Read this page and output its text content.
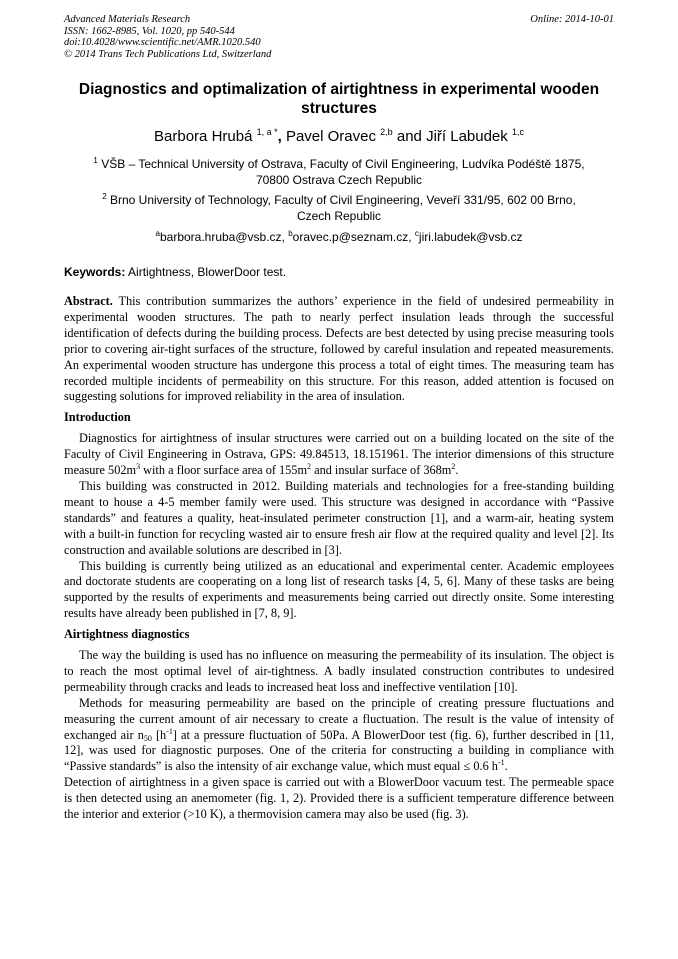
Advanced Materials Research
ISSN: 1662-8985, Vol. 1020, pp 540-544
doi:10.4028/www.scientific.net/AMR.1020.540
© 2014 Trans Tech Publications Ltd, Switzerland
Online: 2014-10-01
Diagnostics and optimalization of airtightness in experimental wooden structures
Barbora Hrubá $^{1, a *}$, Pavel Oravec $^{2,b}$ and Jiří Labudek $^{1,c}$
$^1$ VŠB – Technical University of Ostrava, Faculty of Civil Engineering, Ludvíka Podéště 1875,
70800 Ostrava Czech Republic
$^2$ Brno University of Technology, Faculty of Civil Engineering, Veveří 331/95, 602 00 Brno,
Czech Republic
$^a$barbora.hruba@vsb.cz, $^b$oravec.p@seznam.cz, $^c$jiri.labudek@vsb.cz
Keywords: Airtightness, BlowerDoor test.

Abstract. This contribution summarizes the authors’ experience in the field of undesired permeability in experimental wooden structures. The path to nearly perfect insulation leads through the successful identification of defects during the building process. Defects are best detected by using precise measuring tools prior to covering air-tight surfaces of the structure, followed by careful insulation and repeated measurements. An experimental wooden structure has undergone this process a total of eight times. The measuring team has recorded multiple incidents of permeability on this structure. For this reason, added attention is focused on suggesting solutions for improved reliability in the area of insulation.

Introduction

Diagnostics for airtightness of insular structures were carried out on a building located on the site of the Faculty of Civil Engineering in Ostrava, GPS: 49.84513, 18.151961. The interior dimensions of this structure measure $502m^3$ with a floor surface area of $155m^2$ and insular surface of $368m^2$.

This building was constructed in 2012. Building materials and technologies for a free-standing building meant to house a 4-5 member family were used. This structure was designed in accordance with “Passive standards” and features a quality, heat-insulated perimeter construction [1], and a warm-air, heating system with a built-in function for recycling wasted air to ensure fresh air flow at the required quality and level [2]. Its construction and available solutions are described in [3].

This building is currently being utilized as an educational and experimental center. Academic employees and doctorate students are cooperating on a long list of research tasks [4, 5, 6]. Many of these tasks are being supported by the results of experiments and measurements being carried out directly onsite. Some interesting results have already been published in [7, 8, 9].

Airtightness diagnostics

The way the building is used has no influence on measuring the permeability of its insulation. The object is to reach the most optimal level of air-tightness. A badly insulated construction contributes to undesired permeability through cracks and leads to increased heat loss and ineffective ventilation [10].

Methods for measuring permeability are based on the principle of creating pressure fluctuations and measuring the current amount of air necessary to create a fluctuation. The result is the value of intensity of exchanged air $n_{50}$ $[h^{-1}]$ at a pressure fluctuation of 50Pa. A BlowerDoor test (fig. 6), further described in [11, 12], was used for diagnostic purposes. One of the criteria for constructing a building in compliance with “Passive standards” is also the intensity of air exchange value, which must equal ≤ 0.6 $h^{-1}$.

Detection of airtightness in a given space is carried out with a BlowerDoor vacuum test. The permeable space is then detected using an anemometer (fig. 1, 2). Provided there is a sufficient temperature difference between the interior and exterior (>10 K), a thermovision camera may also be used (fig. 3).
